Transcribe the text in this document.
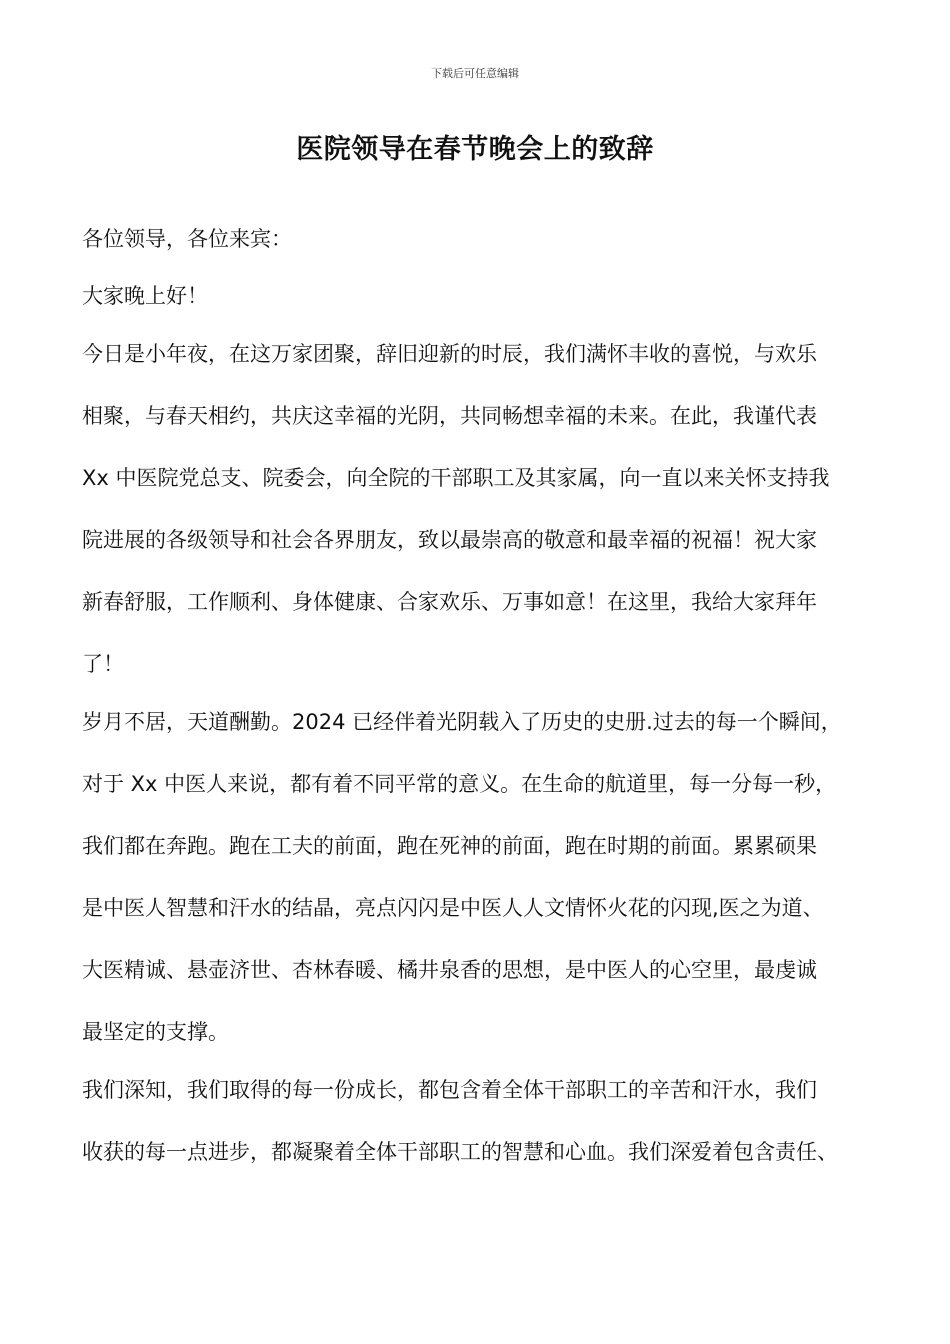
下载后可任意编辑
医院领导在春节晚会上的致辞
各位领导，各位来宾：
大家晚上好！
今日是小年夜，在这万家团聚，辞旧迎新的时辰，我们满怀丰收的喜悦，与欢乐
相聚，与春天相约，共庆这幸福的光阴，共同畅想幸福的未来。在此，我谨代表
Xx 中医院党总支、院委会，向全院的干部职工及其家属，向一直以来关怀支持我
院进展的各级领导和社会各界朋友，致以最崇高的敬意和最幸福的祝福！祝大家
新春舒服，工作顺利、身体健康、合家欢乐、万事如意！在这里，我给大家拜年
了！
岁月不居，天道酬勤。2024 已经伴着光阴载入了历史的史册.过去的每一个瞬间，
对于 Xx 中医人来说，都有着不同平常的意义。在生命的航道里，每一分每一秒，
我们都在奔跑。跑在工夫的前面，跑在死神的前面，跑在时期的前面。累累硕果
是中医人智慧和汗水的结晶，亮点闪闪是中医人人文情怀火花的闪现,医之为道、
大医精诚、悬壶济世、杏林春暖、橘井泉香的思想，是中医人的心空里，最虔诚
最坚定的支撑。
我们深知，我们取得的每一份成长，都包含着全体干部职工的辛苦和汗水，我们
收获的每一点进步，都凝聚着全体干部职工的智慧和心血。我们深爱着包含责任、
